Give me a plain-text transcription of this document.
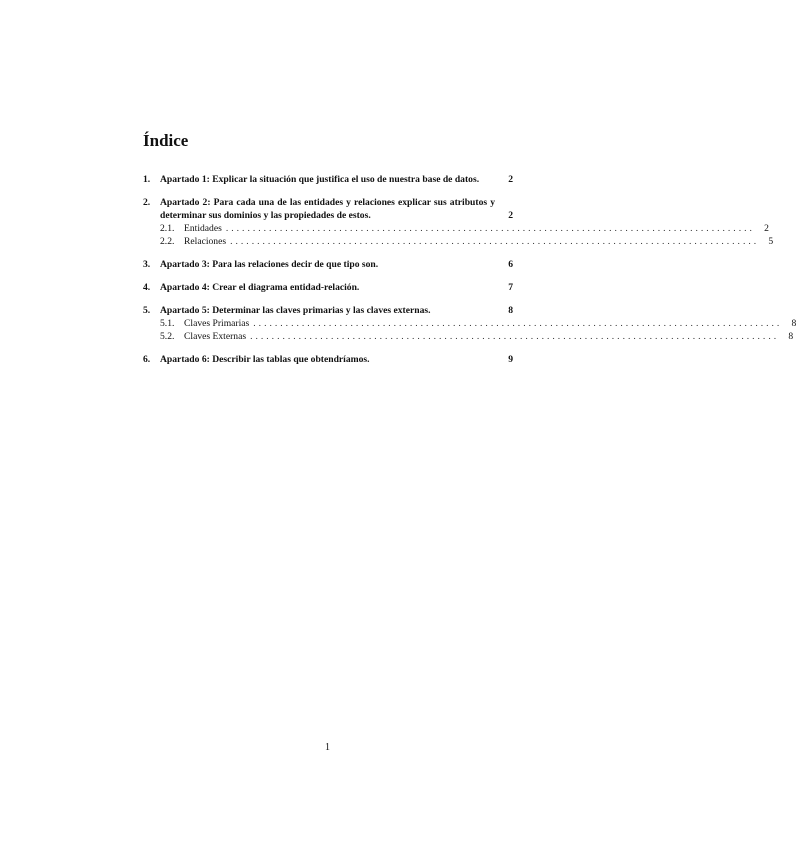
Índice
1.	Apartado 1: Explicar la situación que justifica el uso de nuestra base de datos.	2
2.	Apartado 2: Para cada una de las entidades y relaciones explicar sus atributos y determinar sus dominios y las propiedades de estos.	2
2.1.	Entidades .................................................................................................. 2
2.2.	Relaciones .................................................................................................. 5
3.	Apartado 3: Para las relaciones decir de que tipo son.	6
4.	Apartado 4: Crear el diagrama entidad-relación.	7
5.	Apartado 5: Determinar las claves primarias y las claves externas.	8
5.1.	Claves Primarias .................................................................................................. 8
5.2.	Claves Externas .................................................................................................. 8
6.	Apartado 6: Describir las tablas que obtendríamos.	9
1
